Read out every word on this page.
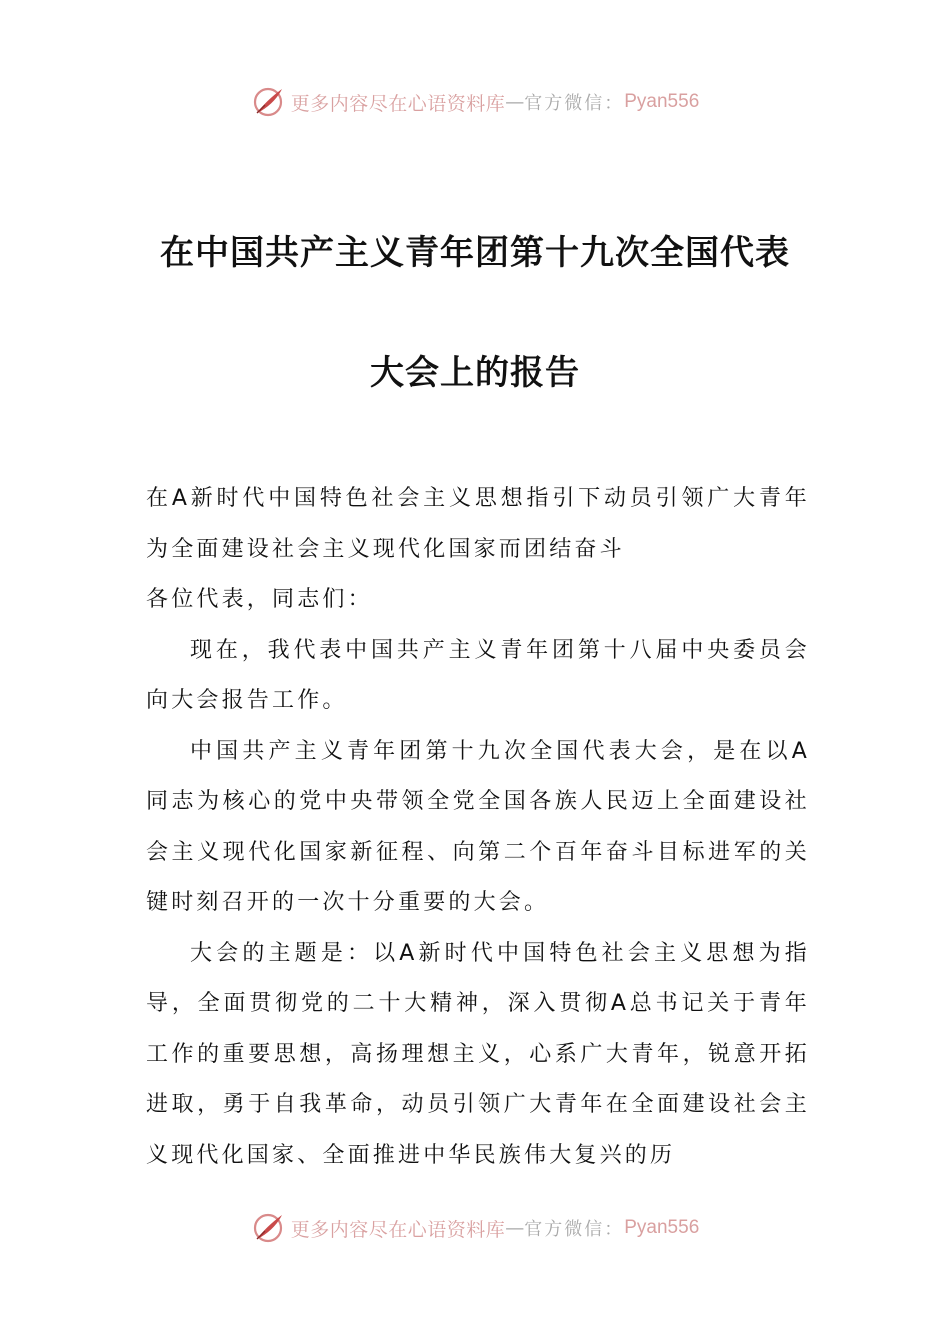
更多内容尽在心语资料库 — 官方微信： Pyan556
在中国共产主义青年团第十九次全国代表
大会上的报告

在A新时代中国特色社会主义思想指引下动员引领广大青年为全面建设社会主义现代化国家而团结奋斗

各位代表，同志们：

现在，我代表中国共产主义青年团第十八届中央委员会向大会报告工作。

中国共产主义青年团第十九次全国代表大会，是在以A同志为核心的党中央带领全党全国各族人民迈上全面建设社会主义现代化国家新征程、向第二个百年奋斗目标进军的关键时刻召开的一次十分重要的大会。

大会的主题是：以A新时代中国特色社会主义思想为指导，全面贯彻党的二十大精神，深入贯彻A总书记关于青年工作的重要思想，高扬理想主义，心系广大青年，锐意开拓进取，勇于自我革命，动员引领广大青年在全面建设社会主义现代化国家、全面推进中华民族伟大复兴的历

更多内容尽在心语资料库 — 官方微信： Pyan556
